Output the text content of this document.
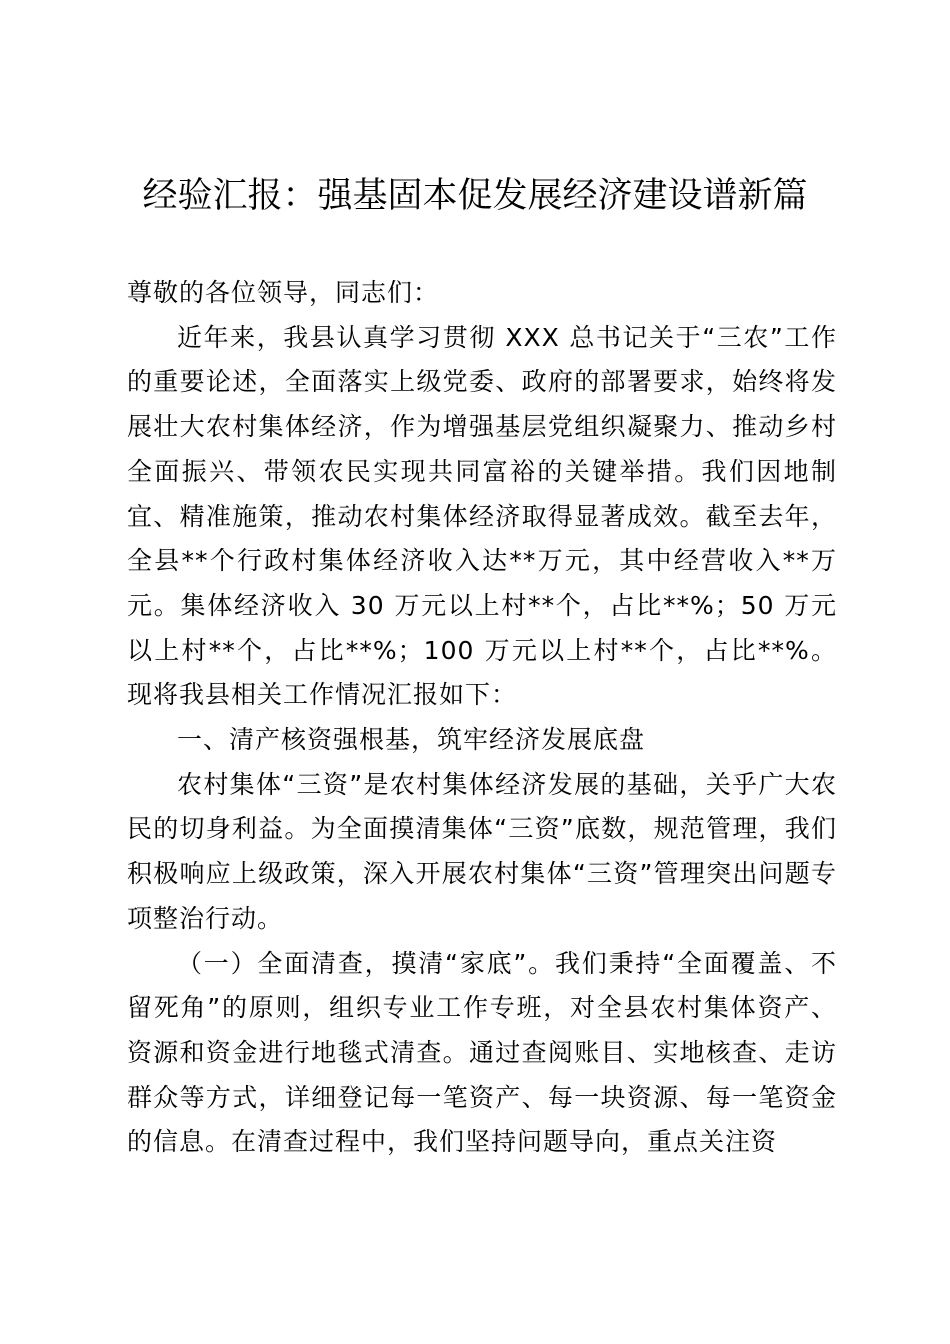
经验汇报：强基固本促发展经济建设谱新篇

尊敬的各位领导，同志们：

近年来，我县认真学习贯彻 XXX 总书记关于“三农”工作的重要论述，全面落实上级党委、政府的部署要求，始终将发展壮大农村集体经济，作为增强基层党组织凝聚力、推动乡村全面振兴、带领农民实现共同富裕的关键举措。我们因地制宜、精准施策，推动农村集体经济取得显著成效。截至去年，全县**个行政村集体经济收入达**万元，其中经营收入**万元。集体经济收入 30 万元以上村**个，占比**%；50 万元以上村**个，占比**%；100 万元以上村**个，占比**%。现将我县相关工作情况汇报如下：

一、清产核资强根基，筑牢经济发展底盘

农村集体“三资”是农村集体经济发展的基础，关乎广大农民的切身利益。为全面摸清集体“三资”底数，规范管理，我们积极响应上级政策，深入开展农村集体“三资”管理突出问题专项整治行动。

（一）全面清查，摸清“家底”。我们秉持“全面覆盖、不留死角”的原则，组织专业工作专班，对全县农村集体资产、资源和资金进行地毯式清查。通过查阅账目、实地核查、走访群众等方式，详细登记每一笔资产、每一块资源、每一笔资金的信息。在清查过程中，我们坚持问题导向，重点关注资
